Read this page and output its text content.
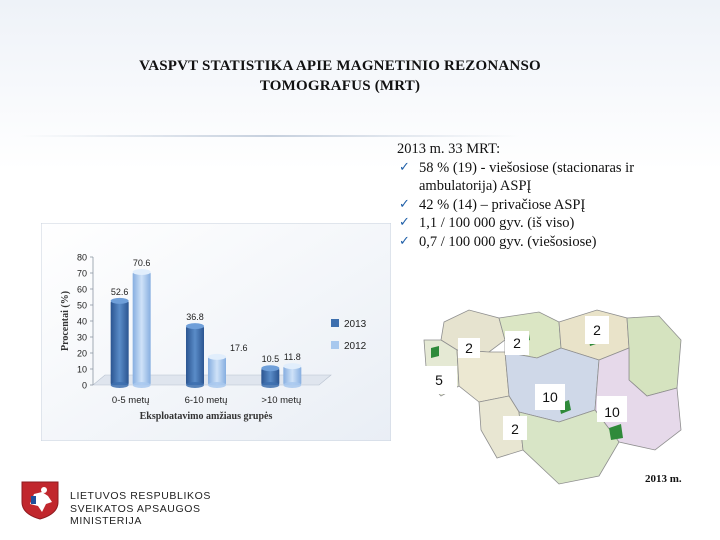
VASPVT STATISTIKA APIE MAGNETINIO REZONANSO
TOMOGRAFUS (MRT)
2013 m. 33 MRT:
✓ 58 % (19) - viešosiose (stacionaras ir ambulatorija) ASPĮ
✓ 42 % (14) – privačiose ASPĮ
✓ 1,1 / 100 000 gyv. (iš viso)
✓ 0,7 / 100 000 gyv. (viešosiose)
0
10
20
30
40
50
60
70
80
Procentai (%)	52.6
70.6
0-5 metų
36.8
17.6
6-10 metų
10.5 11.8
>10 metų
Eksploatavimo amžiaus grupės
2013
2012	2	2
2
5
10
10
2
2013 m.
LIETUVOS RESPUBLIKOS
SVEIKATOS APSAUGOS MINISTERIJA
